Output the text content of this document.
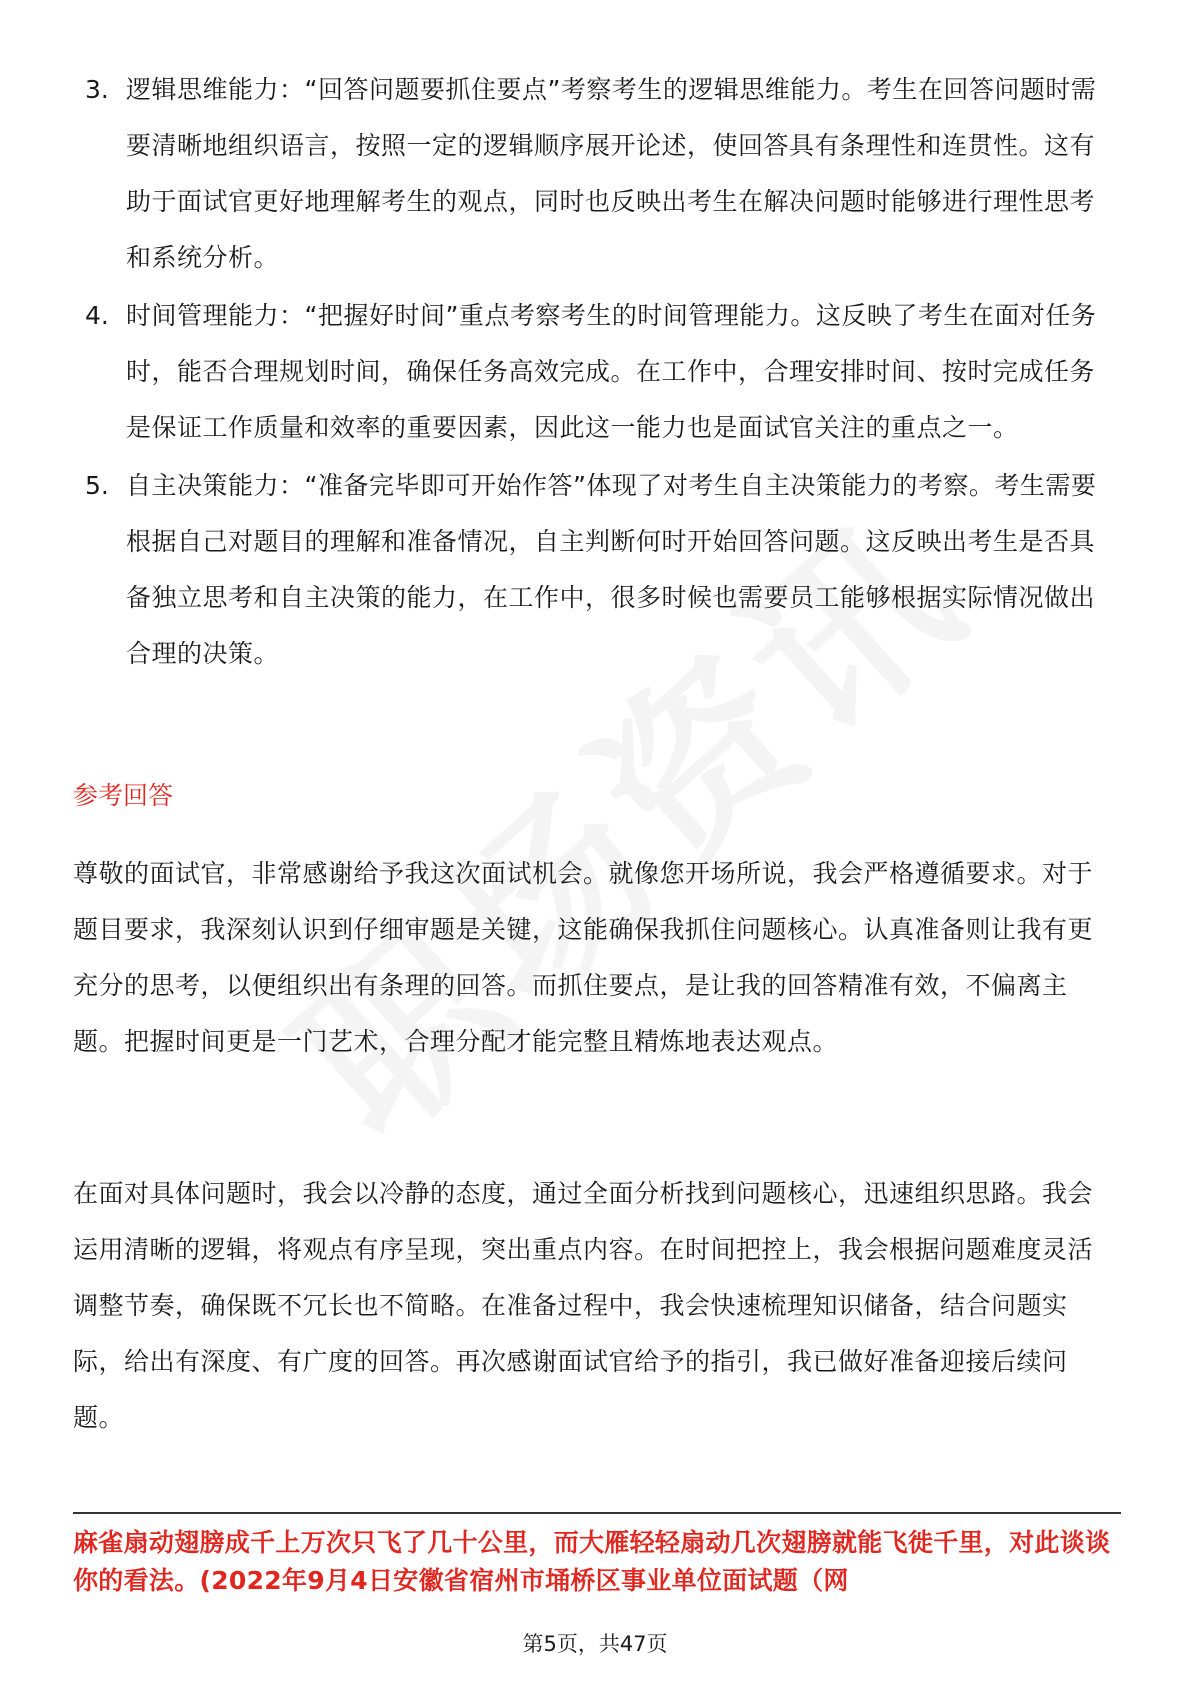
3. 逻辑思维能力：“回答问题要抓住要点”考察考生的逻辑思维能力。考生在回答问题时需要清晰地组织语言，按照一定的逻辑顺序展开论述，使回答具有条理性和连贯性。这有助于面试官更好地理解考生的观点，同时也反映出考生在解决问题时能够进行理性思考和系统分析。
4. 时间管理能力：“把握好时间”重点考察考生的时间管理能力。这反映了考生在面对任务时，能否合理规划时间，确保任务高效完成。在工作中，合理安排时间、按时完成任务是保证工作质量和效率的重要因素，因此这一能力也是面试官关注的重点之一。
5. 自主决策能力：“准备完毕即可开始作答”体现了对考生自主决策能力的考察。考生需要根据自己对题目的理解和准备情况，自主判断何时开始回答问题。这反映出考生是否具备独立思考和自主决策的能力，在工作中，很多时候也需要员工能够根据实际情况做出合理的决策。
参考回答

尊敬的面试官，非常感谢给予我这次面试机会。就像您开场所说，我会严格遵循要求。对于题目要求，我深刻认识到仔细审题是关键，这能确保我抓住问题核心。认真准备则让我有更充分的思考，以便组织出有条理的回答。而抓住要点，是让我的回答精准有效，不偏离主题。把握时间更是一门艺术，合理分配才能完整且精炼地表达观点。

在面对具体问题时，我会以冷静的态度，通过全面分析找到问题核心，迅速组织思路。我会运用清晰的逻辑，将观点有序呈现，突出重点内容。在时间把控上，我会根据问题难度灵活调整节奏，确保既不冗长也不简略。在准备过程中，我会快速梳理知识储备，结合问题实际，给出有深度、有广度的回答。再次感谢面试官给予的指引，我已做好准备迎接后续问题。

麻雀扇动翅膀成千上万次只飞了几十公里，而大雁轻轻扇动几次翅膀就能飞徙千里，对此谈谈你的看法。(2022年9月4日安徽省宿州市埇桥区事业单位面试题（网
第5页，共47页
